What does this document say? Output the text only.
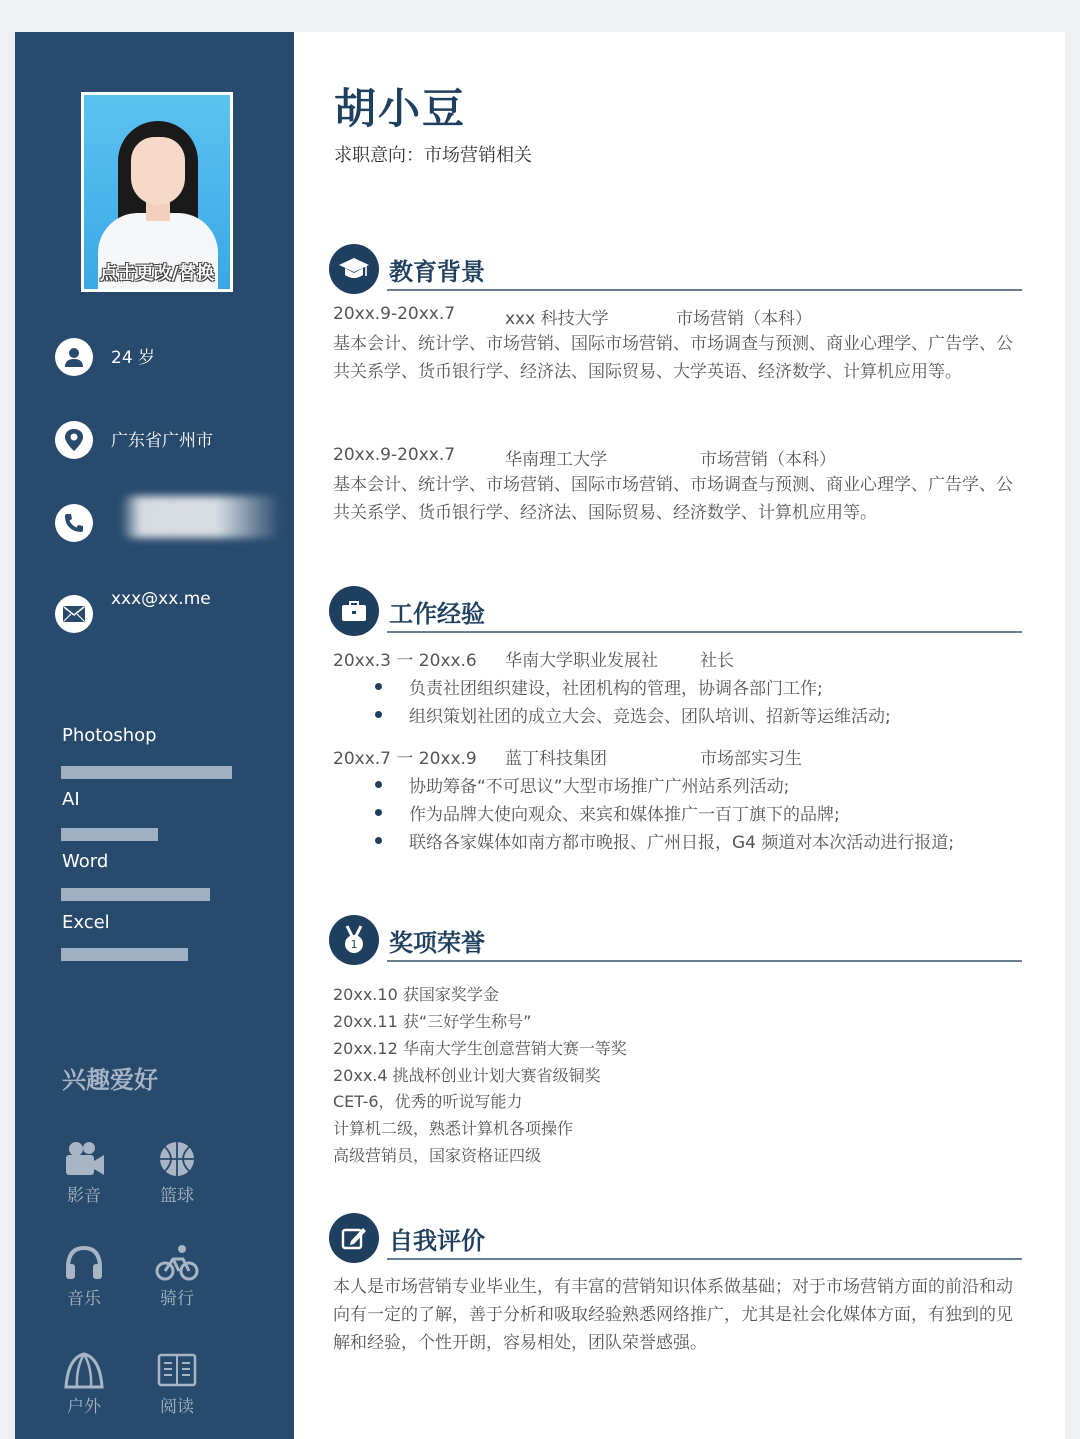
点击更改/替换
24 岁
广东省广州市
xxx@xx.me
Photoshop
AI
Word
Excel
兴趣爱好
影音	篮球
音乐	骑行
户外	阅读
胡小豆
求职意向：市场营销相关
教育背景
20xx.9-20xx.7	xxx 科技大学	市场营销（本科）
基本会计、统计学、市场营销、国际市场营销、市场调查与预测、商业心理学、广告学、公共关系学、货币银行学、经济法、国际贸易、大学英语、经济数学、计算机应用等。
20xx.9-20xx.7	华南理工大学	市场营销（本科）
基本会计、统计学、市场营销、国际市场营销、市场调查与预测、商业心理学、广告学、公共关系学、货币银行学、经济法、国际贸易、经济数学、计算机应用等。
工作经验
20xx.3 一 20xx.6 华南大学职业发展社 社长
负责社团组织建设，社团机构的管理，协调各部门工作;
组织策划社团的成立大会、竞选会、团队培训、招新等运维活动;
20xx.7 一 20xx.9 蓝丁科技集团	市场部实习生
协助筹备“不可思议”大型市场推广广州站系列活动;
作为品牌大使向观众、来宾和媒体推广一百丁旗下的品牌;
联络各家媒体如南方都市晚报、广州日报，G4 频道对本次活动进行报道;
1 奖项荣誉
20xx.10 获国家奖学金
20xx.11 获“三好学生称号”
20xx.12 华南大学生创意营销大赛一等奖
20xx.4 挑战杯创业计划大赛省级铜奖
CET-6，优秀的听说写能力
计算机二级，熟悉计算机各项操作
高级营销员，国家资格证四级
自我评价
本人是市场营销专业毕业生，有丰富的营销知识体系做基础；对于市场营销方面的前沿和动向有一定的了解，善于分析和吸取经验熟悉网络推广，尤其是社会化媒体方面，有独到的见解和经验，个性开朗，容易相处，团队荣誉感强。
